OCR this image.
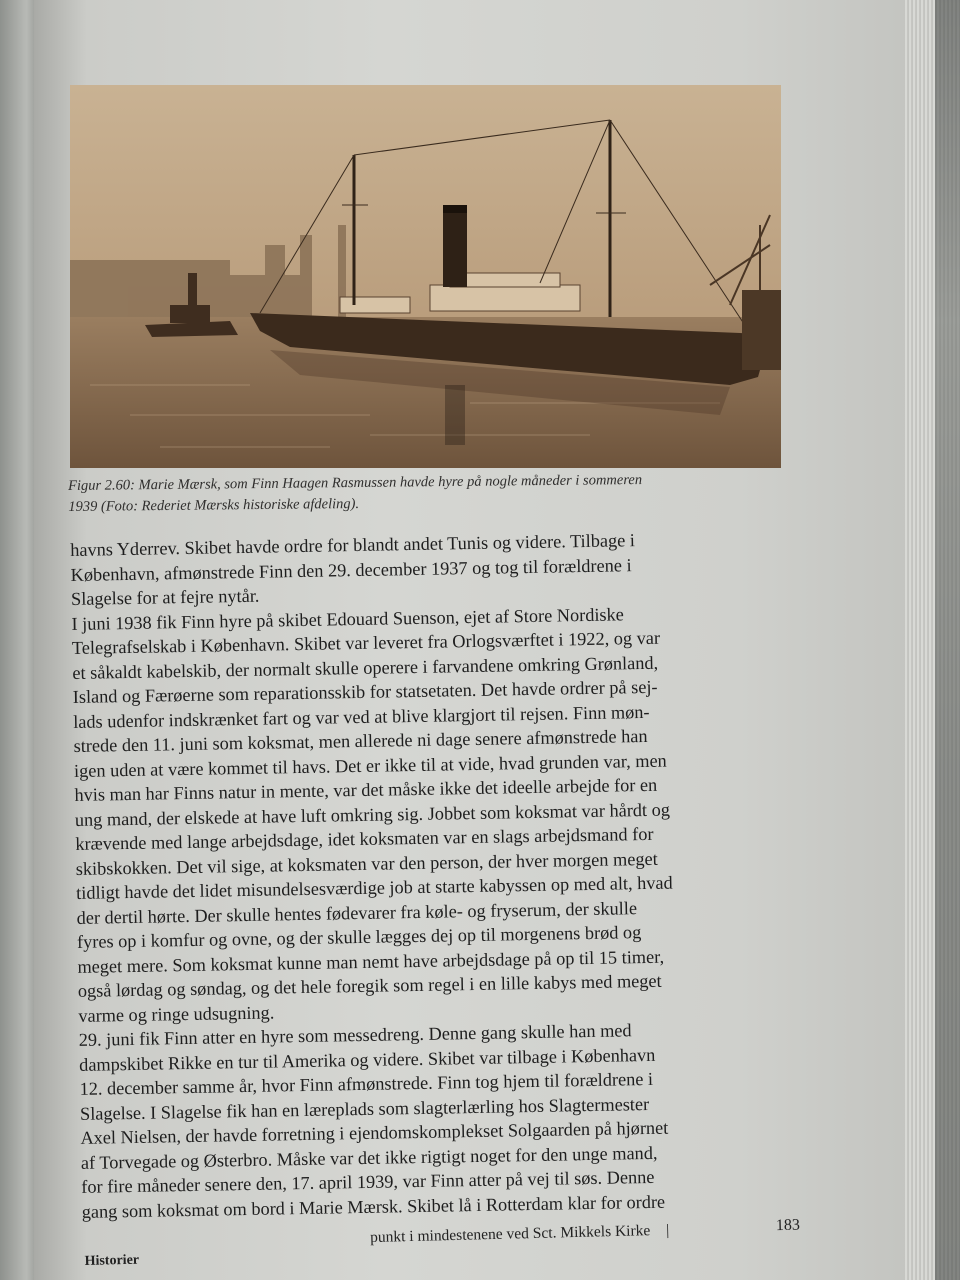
Figur 2.60: Marie Mærsk, som Finn Haagen Rasmussen havde hyre på nogle måneder i sommeren
1939 (Foto: Rederiet Mærsks historiske afdeling).
havns Yderrev. Skibet havde ordre for blandt andet Tunis og videre. Tilbage i
København, afmønstrede Finn den 29. december 1937 og tog til forældrene i
Slagelse for at fejre nytår.
I juni 1938 fik Finn hyre på skibet Edouard Suenson, ejet af Store Nordiske
Telegrafselskab i København. Skibet var leveret fra Orlogsværftet i 1922, og var
et såkaldt kabelskib, der normalt skulle operere i farvandene omkring Grønland,
Island og Færøerne som reparationsskib for statsetaten. Det havde ordrer på sej-
lads udenfor indskrænket fart og var ved at blive klargjort til rejsen. Finn møn-
strede den 11. juni som koksmat, men allerede ni dage senere afmønstrede han
igen uden at være kommet til havs. Det er ikke til at vide, hvad grunden var, men
hvis man har Finns natur in mente, var det måske ikke det ideelle arbejde for en
ung mand, der elskede at have luft omkring sig. Jobbet som koksmat var hårdt og
krævende med lange arbejdsdage, idet koksmaten var en slags arbejdsmand for
skibskokken. Det vil sige, at koksmaten var den person, der hver morgen meget
tidligt havde det lidet misundelsesværdige job at starte kabyssen op med alt, hvad
der dertil hørte. Der skulle hentes fødevarer fra køle- og fryserum, der skulle
fyres op i komfur og ovne, og der skulle lægges dej op til morgenens brød og
meget mere. Som koksmat kunne man nemt have arbejdsdage på op til 15 timer,
også lørdag og søndag, og det hele foregik som regel i en lille kabys med meget
varme og ringe udsugning.
29. juni fik Finn atter en hyre som messedreng. Denne gang skulle han med
dampskibet Rikke en tur til Amerika og videre. Skibet var tilbage i København
12. december samme år, hvor Finn afmønstrede. Finn tog hjem til forældrene i
Slagelse. I Slagelse fik han en læreplads som slagterlærling hos Slagtermester
Axel Nielsen, der havde forretning i ejendomskomplekset Solgaarden på hjørnet
af Torvegade og Østerbro. Måske var det ikke rigtigt noget for den unge mand,
for fire måneder senere den, 17. april 1939, var Finn atter på vej til søs. Denne
gang som koksmat om bord i Marie Mærsk. Skibet lå i Rotterdam klar for ordre
Historier
punkt i mindestenene ved Sct. Mikkels Kirke |	183
